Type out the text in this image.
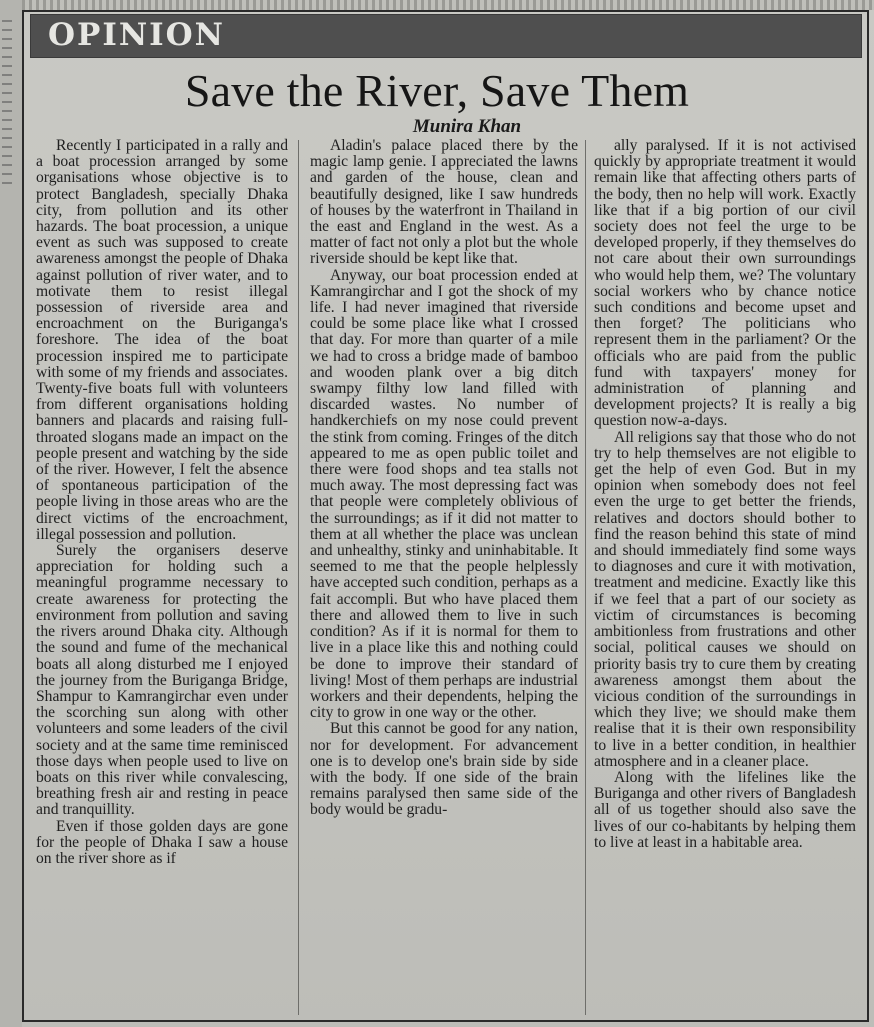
OPINION
Save the River, Save Them
Munira Khan

Recently I participated in a rally and a boat procession arranged by some organisations whose objective is to protect Bangladesh, specially Dhaka city, from pollution and its other hazards. The boat procession, a unique event as such was supposed to create awareness amongst the people of Dhaka against pollution of river water, and to motivate them to resist illegal possession of riverside area and encroachment on the Buriganga's foreshore. The idea of the boat procession inspired me to participate with some of my friends and associates. Twenty-five boats full with volunteers from different organisations holding banners and placards and raising full-throated slogans made an impact on the people present and watching by the side of the river. However, I felt the absence of spontaneous participation of the people living in those areas who are the direct victims of the encroachment, illegal possession and pollution.

Surely the organisers deserve appreciation for holding such a meaningful programme necessary to create awareness for protecting the environment from pollution and saving the rivers around Dhaka city. Although the sound and fume of the mechanical boats all along disturbed me I enjoyed the journey from the Buriganga Bridge, Shampur to Kamrangirchar even under the scorching sun along with other volunteers and some leaders of the civil society and at the same time reminisced those days when people used to live on boats on this river while convalescing, breathing fresh air and resting in peace and tranquillity.

Even if those golden days are gone for the people of Dhaka I saw a house on the river shore as if

Aladin's palace placed there by the magic lamp genie. I appreciated the lawns and garden of the house, clean and beautifully designed, like I saw hundreds of houses by the waterfront in Thailand in the east and England in the west. As a matter of fact not only a plot but the whole riverside should be kept like that.

Anyway, our boat procession ended at Kamrangirchar and I got the shock of my life. I had never imagined that riverside could be some place like what I crossed that day. For more than quarter of a mile we had to cross a bridge made of bamboo and wooden plank over a big ditch swampy filthy low land filled with discarded wastes. No number of handkerchiefs on my nose could prevent the stink from coming. Fringes of the ditch appeared to me as open public toilet and there were food shops and tea stalls not much away. The most depressing fact was that people were completely oblivious of the surroundings; as if it did not matter to them at all whether the place was unclean and unhealthy, stinky and uninhabitable. It seemed to me that the people helplessly have accepted such condition, perhaps as a fait accompli. But who have placed them there and allowed them to live in such condition? As if it is normal for them to live in a place like this and nothing could be done to improve their standard of living! Most of them perhaps are industrial workers and their dependents, helping the city to grow in one way or the other.

But this cannot be good for any nation, nor for development. For advancement one is to develop one's brain side by side with the body. If one side of the brain remains paralysed then same side of the body would be gradu-

ally paralysed. If it is not activised quickly by appropriate treatment it would remain like that affecting others parts of the body, then no help will work. Exactly like that if a big portion of our civil society does not feel the urge to be developed properly, if they themselves do not care about their own surroundings who would help them, we? The voluntary social workers who by chance notice such conditions and become upset and then forget? The politicians who represent them in the parliament? Or the officials who are paid from the public fund with taxpayers' money for administration of planning and development projects? It is really a big question now-a-days.

All religions say that those who do not try to help themselves are not eligible to get the help of even God. But in my opinion when somebody does not feel even the urge to get better the friends, relatives and doctors should bother to find the reason behind this state of mind and should immediately find some ways to diagnoses and cure it with motivation, treatment and medicine. Exactly like this if we feel that a part of our society as victim of circumstances is becoming ambitionless from frustrations and other social, political causes we should on priority basis try to cure them by creating awareness amongst them about the vicious condition of the surroundings in which they live; we should make them realise that it is their own responsibility to live in a better condition, in healthier atmosphere and in a cleaner place.

Along with the lifelines like the Buriganga and other rivers of Bangladesh all of us together should also save the lives of our co-habitants by helping them to live at least in a habitable area.
